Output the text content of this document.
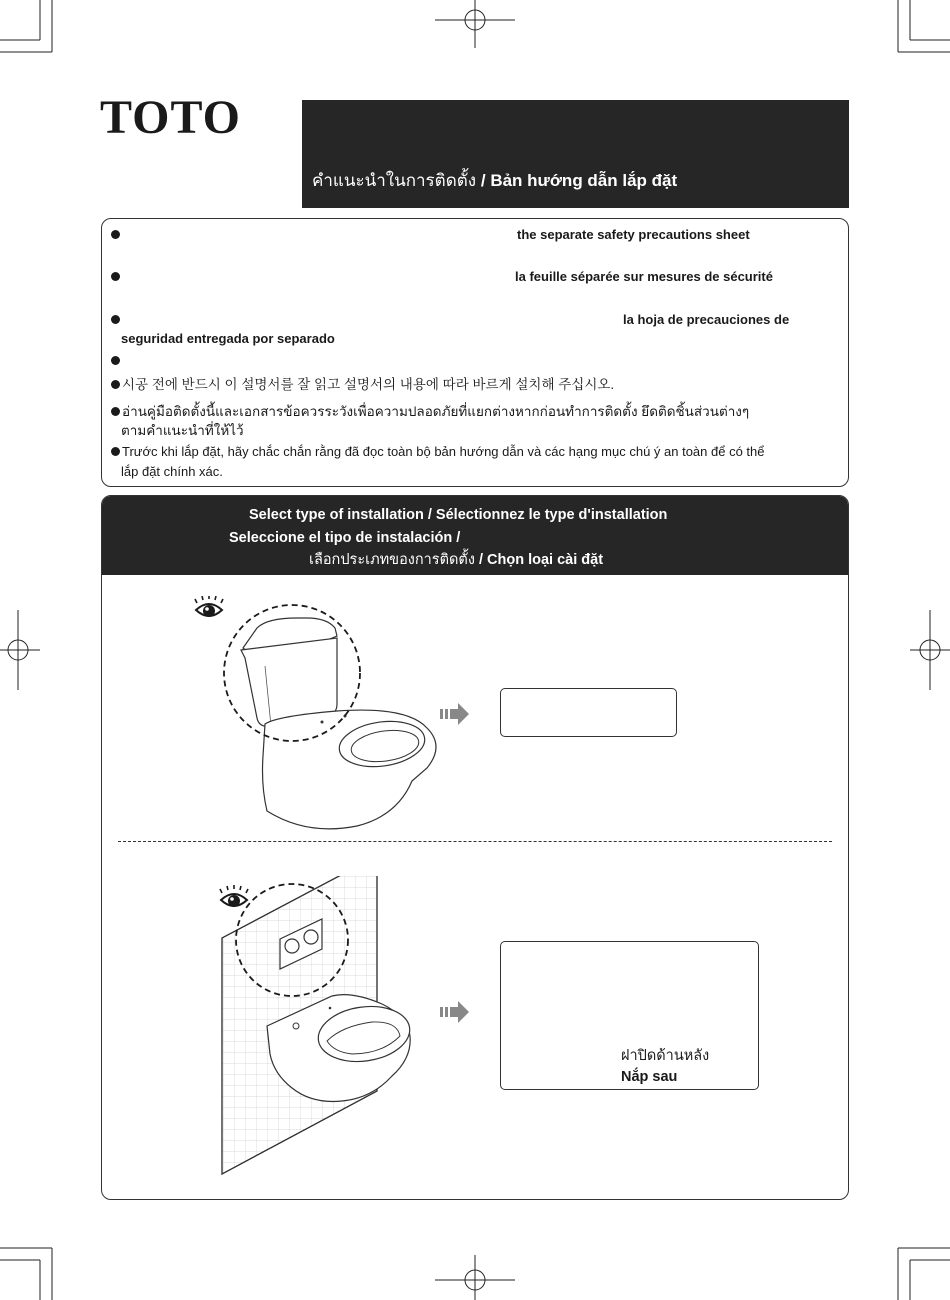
TOTO
คำแนะนำในการติดตั้ง / Bản hướng dẫn lắp đặt
the separate safety precautions sheet
la feuille séparée sur mesures de sécurité
la hoja de precauciones de
seguridad entregada por separado
시공 전에 반드시 이 설명서를 잘 읽고 설명서의 내용에 따라 바르게 설치해 주십시오.
อ่านคู่มือติดตั้งนี้และเอกสารข้อควรระวังเพื่อความปลอดภัยที่แยกต่างหากก่อนทำการติดตั้ง ยึดติดชิ้นส่วนต่างๆ
ตามคำแนะนำที่ให้ไว้
Trước khi lắp đặt, hãy chắc chắn rằng đã đọc toàn bộ bản hướng dẫn và các hạng mục chú ý an toàn để có thể
lắp đặt chính xác.
Select type of installation / Sélectionnez le type d'installation
Seleccione el tipo de instalación /
เลือกประเภทของการติดตั้ง / Chọn loại cài đặt
ฝาปิดด้านหลัง
Nắp sau
